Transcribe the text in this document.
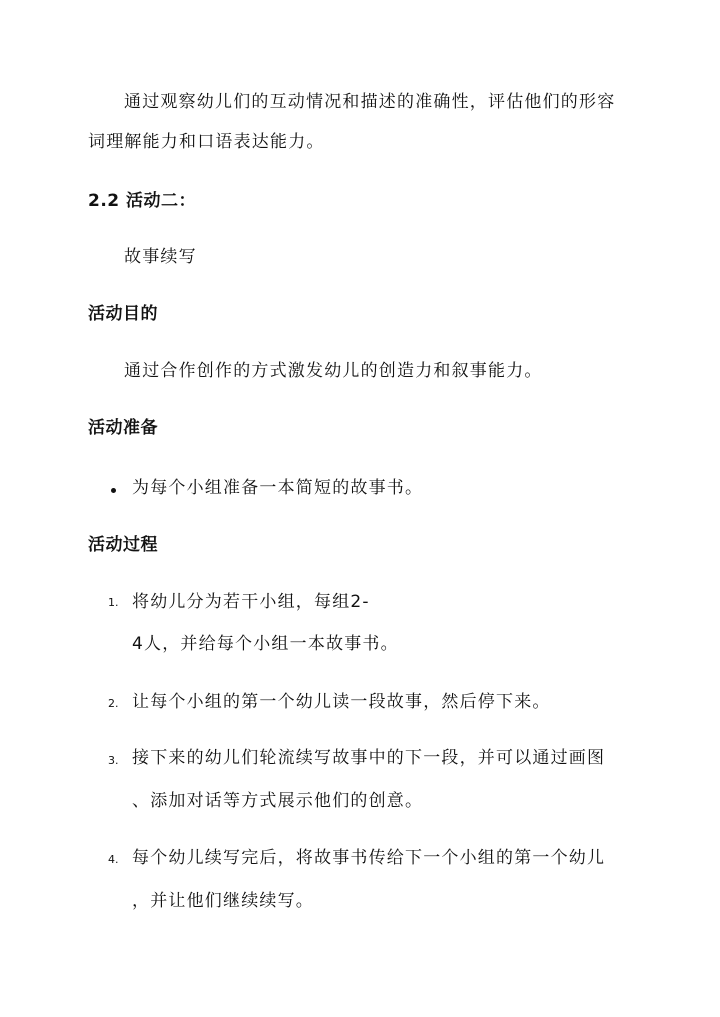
通过观察幼儿们的互动情况和描述的准确性，评估他们的形容
词理解能力和口语表达能力。
2.2 活动二：
故事续写
活动目的
通过合作创作的方式激发幼儿的创造力和叙事能力。
活动准备
为每个小组准备一本简短的故事书。
活动过程
1. 将幼儿分为若干小组，每组2-
4人，并给每个小组一本故事书。
2. 让每个小组的第一个幼儿读一段故事，然后停下来。
3. 接下来的幼儿们轮流续写故事中的下一段，并可以通过画图
、添加对话等方式展示他们的创意。
4. 每个幼儿续写完后，将故事书传给下一个小组的第一个幼儿
，并让他们继续续写。
